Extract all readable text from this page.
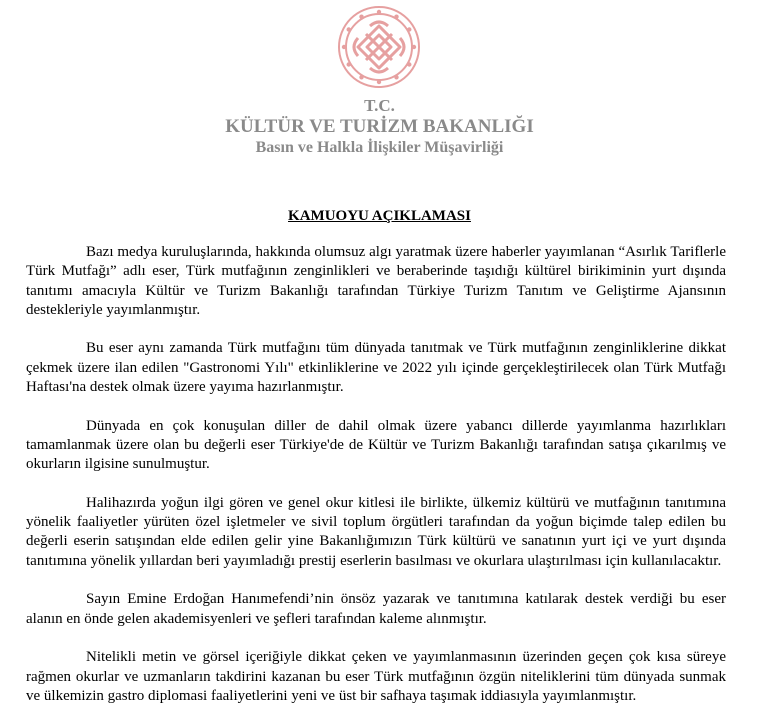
T.C.
KÜLTÜR VE TURİZM BAKANLIĞI
Basın ve Halkla İlişkiler Müşavirliği
KAMUOYU AÇIKLAMASI

Bazı medya kuruluşlarında, hakkında olumsuz algı yaratmak üzere haberler yayımlanan “Asırlık Tariflerle Türk Mutfağı” adlı eser, Türk mutfağının zenginlikleri ve beraberinde taşıdığı kültürel birikiminin yurt dışında tanıtımı amacıyla Kültür ve Turizm Bakanlığı tarafından Türkiye Turizm Tanıtım ve Geliştirme Ajansının destekleriyle yayımlanmıştır.

Bu eser aynı zamanda Türk mutfağını tüm dünyada tanıtmak ve Türk mutfağının zenginliklerine dikkat çekmek üzere ilan edilen "Gastronomi Yılı" etkinliklerine ve 2022 yılı içinde gerçekleştirilecek olan Türk Mutfağı Haftası'na destek olmak üzere yayıma hazırlanmıştır.

Dünyada en çok konuşulan diller de dahil olmak üzere yabancı dillerde yayımlanma hazırlıkları tamamlanmak üzere olan bu değerli eser Türkiye'de de Kültür ve Turizm Bakanlığı tarafından satışa çıkarılmış ve okurların ilgisine sunulmuştur.

Halihazırda yoğun ilgi gören ve genel okur kitlesi ile birlikte, ülkemiz kültürü ve mutfağının tanıtımına yönelik faaliyetler yürüten özel işletmeler ve sivil toplum örgütleri tarafından da yoğun biçimde talep edilen bu değerli eserin satışından elde edilen gelir yine Bakanlığımızın Türk kültürü ve sanatının yurt içi ve yurt dışında tanıtımına yönelik yıllardan beri yayımladığı prestij eserlerin basılması ve okurlara ulaştırılması için kullanılacaktır.

Sayın Emine Erdoğan Hanımefendi’nin önsöz yazarak ve tanıtımına katılarak destek verdiği bu eser alanın en önde gelen akademisyenleri ve şefleri tarafından kaleme alınmıştır.

Nitelikli metin ve görsel içeriğiyle dikkat çeken ve yayımlanmasının üzerinden geçen çok kısa süreye rağmen okurlar ve uzmanların takdirini kazanan bu eser Türk mutfağının özgün niteliklerini tüm dünyada sunmak ve ülkemizin gastro diplomasi faaliyetlerini yeni ve üst bir safhaya taşımak iddiasıyla yayımlanmıştır.
